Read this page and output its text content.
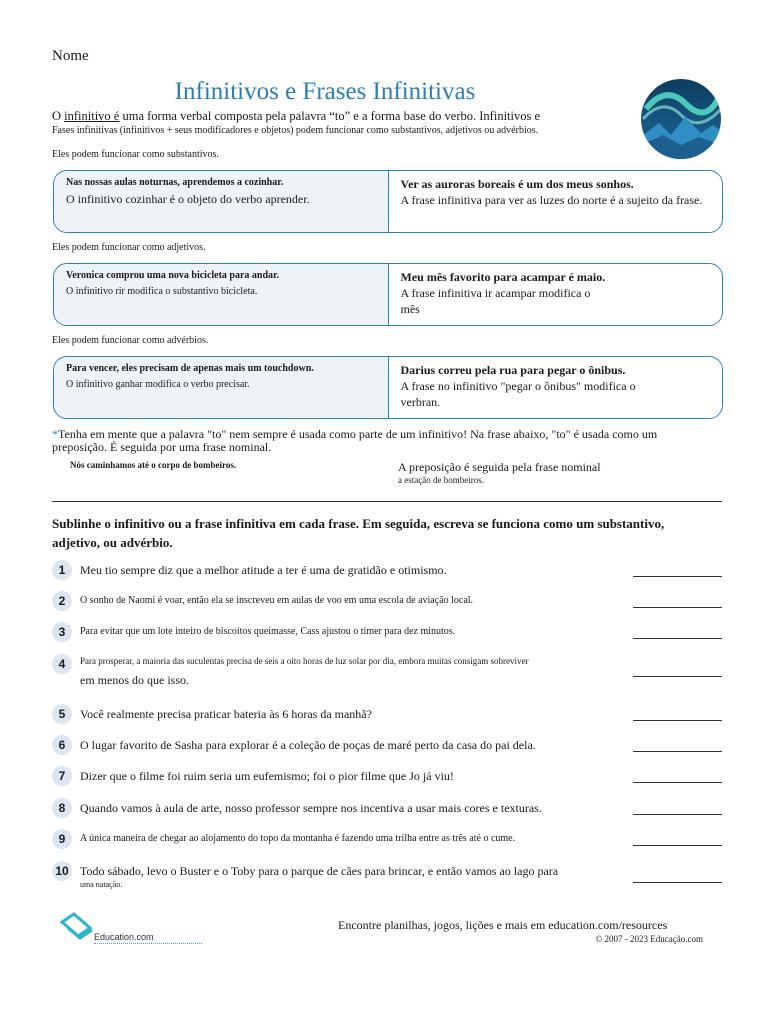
Nome
Infinitivos e Frases Infinitivas
O infinitivo é uma forma verbal composta pela palavra “to” e a forma base do verbo. Infinitivos e
Fases infinitivas (infinitivos + seus modificadores e objetos) podem funcionar como substantivos, adjetivos ou advérbios.
Eles podem funcionar como substantivos.
Nas nossas aulas noturnas, aprendemos a cozinhar.
O infinitivo cozinhar é o objeto do verbo aprender.
Ver as auroras boreais é um dos meus sonhos.
A frase infinitiva para ver as luzes do norte é a sujeito da frase.
Eles podem funcionar como adjetivos.
Veronica comprou uma nova bicicleta para andar.
O infinitivo rir modifica o substantivo bicicleta.
Meu mês favorito para acampar é maio.
A frase infinitiva ir acampar modifica o mês
Eles podem funcionar como advérbios.
Para vencer, eles precisam de apenas mais um touchdown.
O infinitivo ganhar modifica o verbo precisar.
Darius correu pela rua para pegar o ônibus.
A frase no infinitivo "pegar o ônibus" modifica o verbran.
*Tenha em mente que a palavra "to" nem sempre é usada como parte de um infinitivo! Na frase abaixo, "to" é usada como um
preposição. É seguida por uma frase nominal.
Nós caminhamos até o corpo de bombeiros.	A preposição é seguida pela frase nominal
a estação de bombeiros.
Sublinhe o infinitivo ou a frase infinitiva em cada frase. Em seguida, escreva se funciona como um substantivo, adjetivo, ou advérbio.
1	Meu tio sempre diz que a melhor atitude a ter é uma de gratidão e otimismo.
2	O sonho de Naomi é voar, então ela se inscreveu em aulas de voo em uma escola de aviação local.
3	Para evitar que um lote inteiro de biscoitos queimasse, Cass ajustou o timer para dez minutos.
4	Para prosperar, a maioria das suculentas precisa de seis a oito horas de luz solar por dia, embora muitas consigam sobreviver
em menos do que isso.
5	Você realmente precisa praticar bateria às 6 horas da manhã?
6	O lugar favorito de Sasha para explorar é a coleção de poças de maré perto da casa do pai dela.
7	Dizer que o filme foi ruim seria um eufemismo; foi o pior filme que Jo já viu!
8	Quando vamos à aula de arte, nosso professor sempre nos incentiva a usar mais cores e texturas.
9	A única maneira de chegar ao alojamento do topo da montanha é fazendo uma trilha entre as três até o cume.
10 Todo sábado, levo o Buster e o Toby para o parque de cães para brincar, e então vamos ao lago para
uma natação.
Education.com
Encontre planilhas, jogos, lições e mais em education.com/resources
© 2007 - 2023 Educação.com
